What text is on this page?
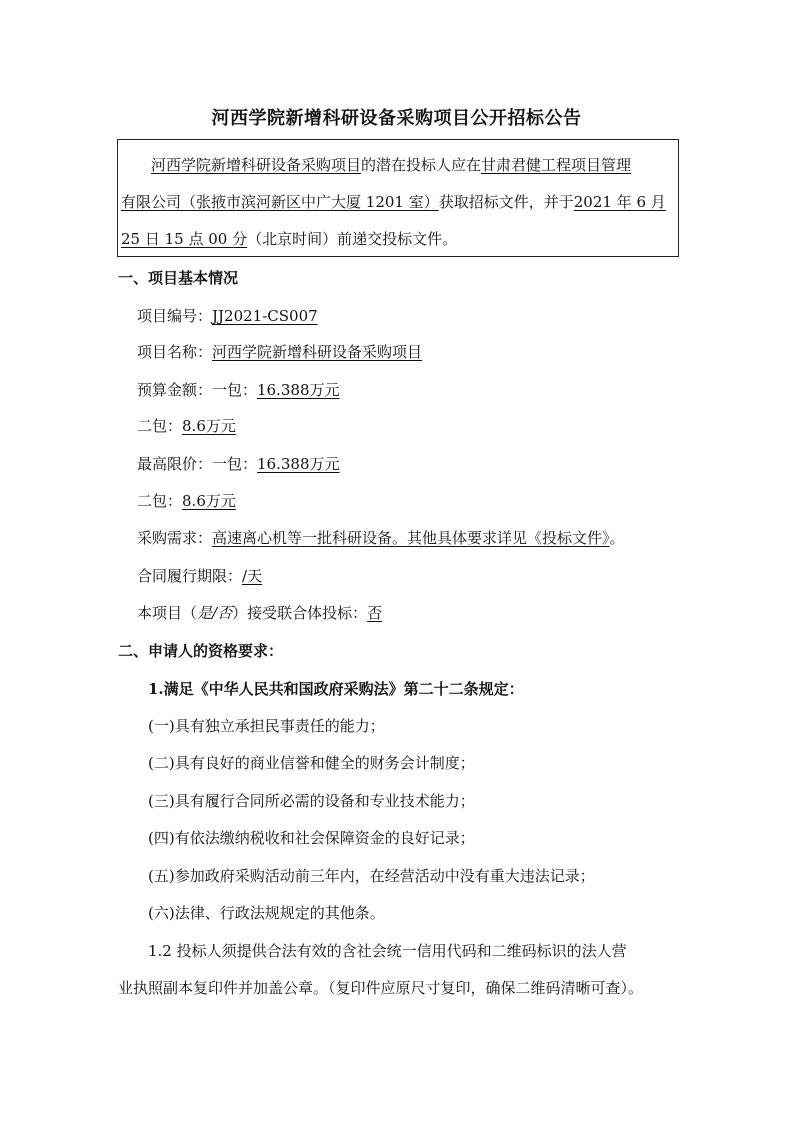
河西学院新增科研设备采购项目公开招标公告
河西学院新增科研设备采购项目的潜在投标人应在甘肃君健工程项目管理
有限公司（张掖市滨河新区中广大厦 1201 室）获取招标文件，并于2021 年 6 月
25 日 15 点 00 分（北京时间）前递交投标文件。
一、项目基本情况
项目编号：JJ2021-CS007
项目名称：河西学院新增科研设备采购项目
预算金额：一包：16.388万元
二包：8.6万元
最高限价：一包：16.388万元
二包：8.6万元
采购需求：高速离心机等一批科研设备。其他具体要求详见《投标文件》。
合同履行期限：/天
本项目（是/否）接受联合体投标：否
二、申请人的资格要求：
1.满足《中华人民共和国政府采购法》第二十二条规定：
(一)具有独立承担民事责任的能力；
(二)具有良好的商业信誉和健全的财务会计制度；
(三)具有履行合同所必需的设备和专业技术能力；
(四)有依法缴纳税收和社会保障资金的良好记录；
(五)参加政府采购活动前三年内，在经营活动中没有重大违法记录；
(六)法律、行政法规规定的其他条。
1.2 投标人须提供合法有效的含社会统一信用代码和二维码标识的法人营
业执照副本复印件并加盖公章。（复印件应原尺寸复印，确保二维码清晰可查）。
